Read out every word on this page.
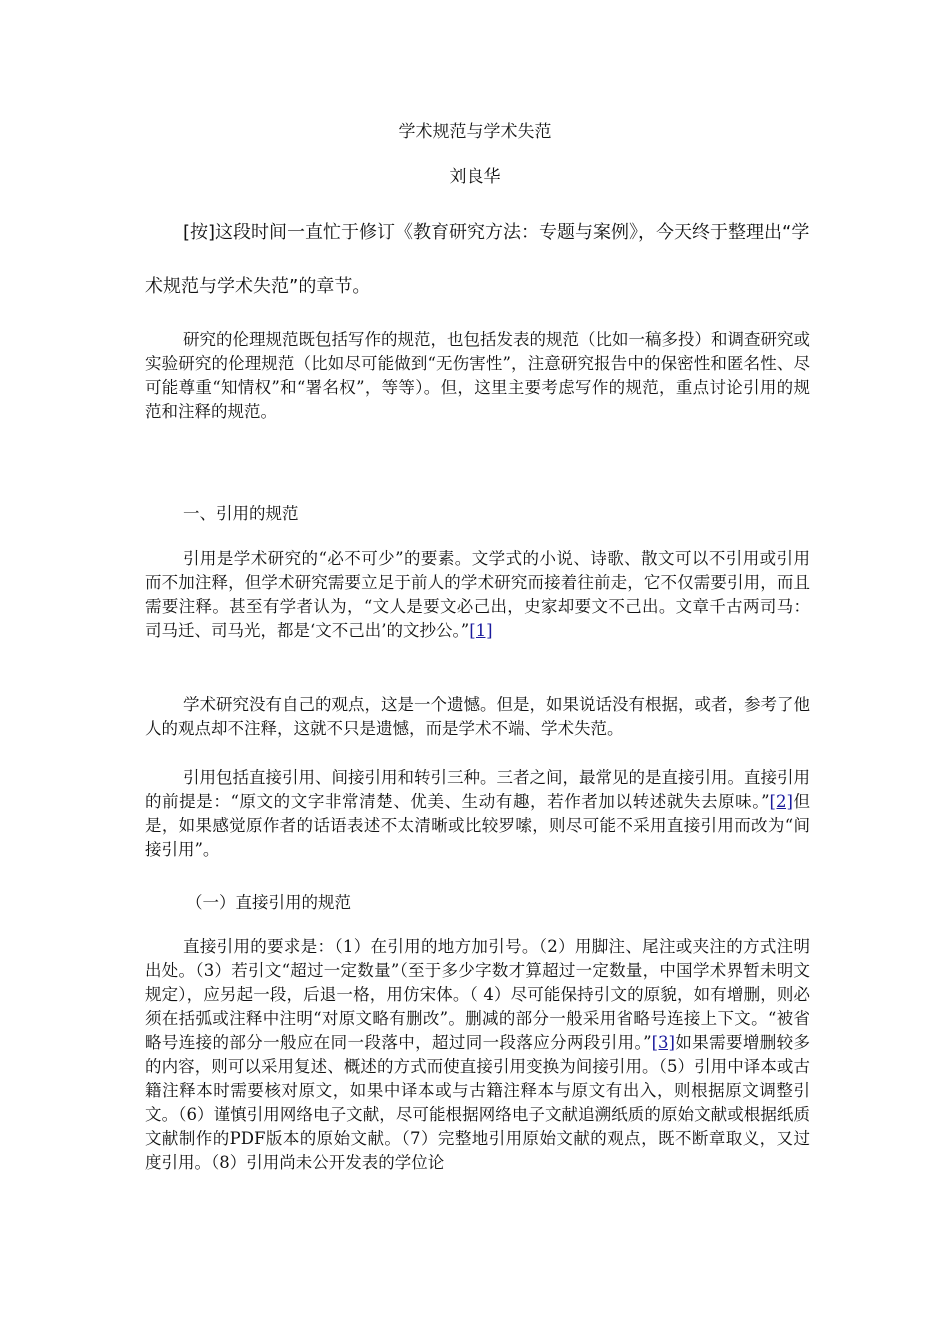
学术规范与学术失范
刘良华
[按]这段时间一直忙于修订《教育研究方法：专题与案例》，今天终于整理出“学术规范与学术失范”的章节。
研究的伦理规范既包括写作的规范，也包括发表的规范（比如一稿多投）和调查研究或实验研究的伦理规范（比如尽可能做到“无伤害性”，注意研究报告中的保密性和匿名性、尽可能尊重“知情权”和“署名权”，等等）。但，这里主要考虑写作的规范，重点讨论引用的规范和注释的规范。
一、引用的规范
引用是学术研究的“必不可少”的要素。文学式的小说、诗歌、散文可以不引用或引用而不加注释，但学术研究需要立足于前人的学术研究而接着往前走，它不仅需要引用，而且需要注释。甚至有学者认为，“文人是要文必己出，史家却要文不己出。文章千古两司马：司马迁、司马光，都是‘文不己出’的文抄公。”[1]
学术研究没有自己的观点，这是一个遗憾。但是，如果说话没有根据，或者，参考了他人的观点却不注释，这就不只是遗憾，而是学术不端、学术失范。
引用包括直接引用、间接引用和转引三种。三者之间，最常见的是直接引用。直接引用的前提是：“原文的文字非常清楚、优美、生动有趣，若作者加以转述就失去原味。”[2]但是，如果感觉原作者的话语表述不太清晰或比较罗嗦，则尽可能不采用直接引用而改为“间接引用”。
（一）直接引用的规范
直接引用的要求是：（1）在引用的地方加引号。（2）用脚注、尾注或夹注的方式注明出处。（3）若引文“超过一定数量”（至于多少字数才算超过一定数量，中国学术界暂未明文规定），应另起一段，后退一格，用仿宋体。（ 4）尽可能保持引文的原貌，如有增删，则必须在括弧或注释中注明“对原文略有删改”。删减的部分一般采用省略号连接上下文。“被省略号连接的部分一般应在同一段落中，超过同一段落应分两段引用。”[3]如果需要增删较多的内容，则可以采用复述、概述的方式而使直接引用变换为间接引用。（5）引用中译本或古籍注释本时需要核对原文，如果中译本或与古籍注释本与原文有出入，则根据原文调整引文。（6）谨慎引用网络电子文献，尽可能根据网络电子文献追溯纸质的原始文献或根据纸质文献制作的PDF版本的原始文献。（7）完整地引用原始文献的观点，既不断章取义，又过度引用。（8）引用尚未公开发表的学位论
